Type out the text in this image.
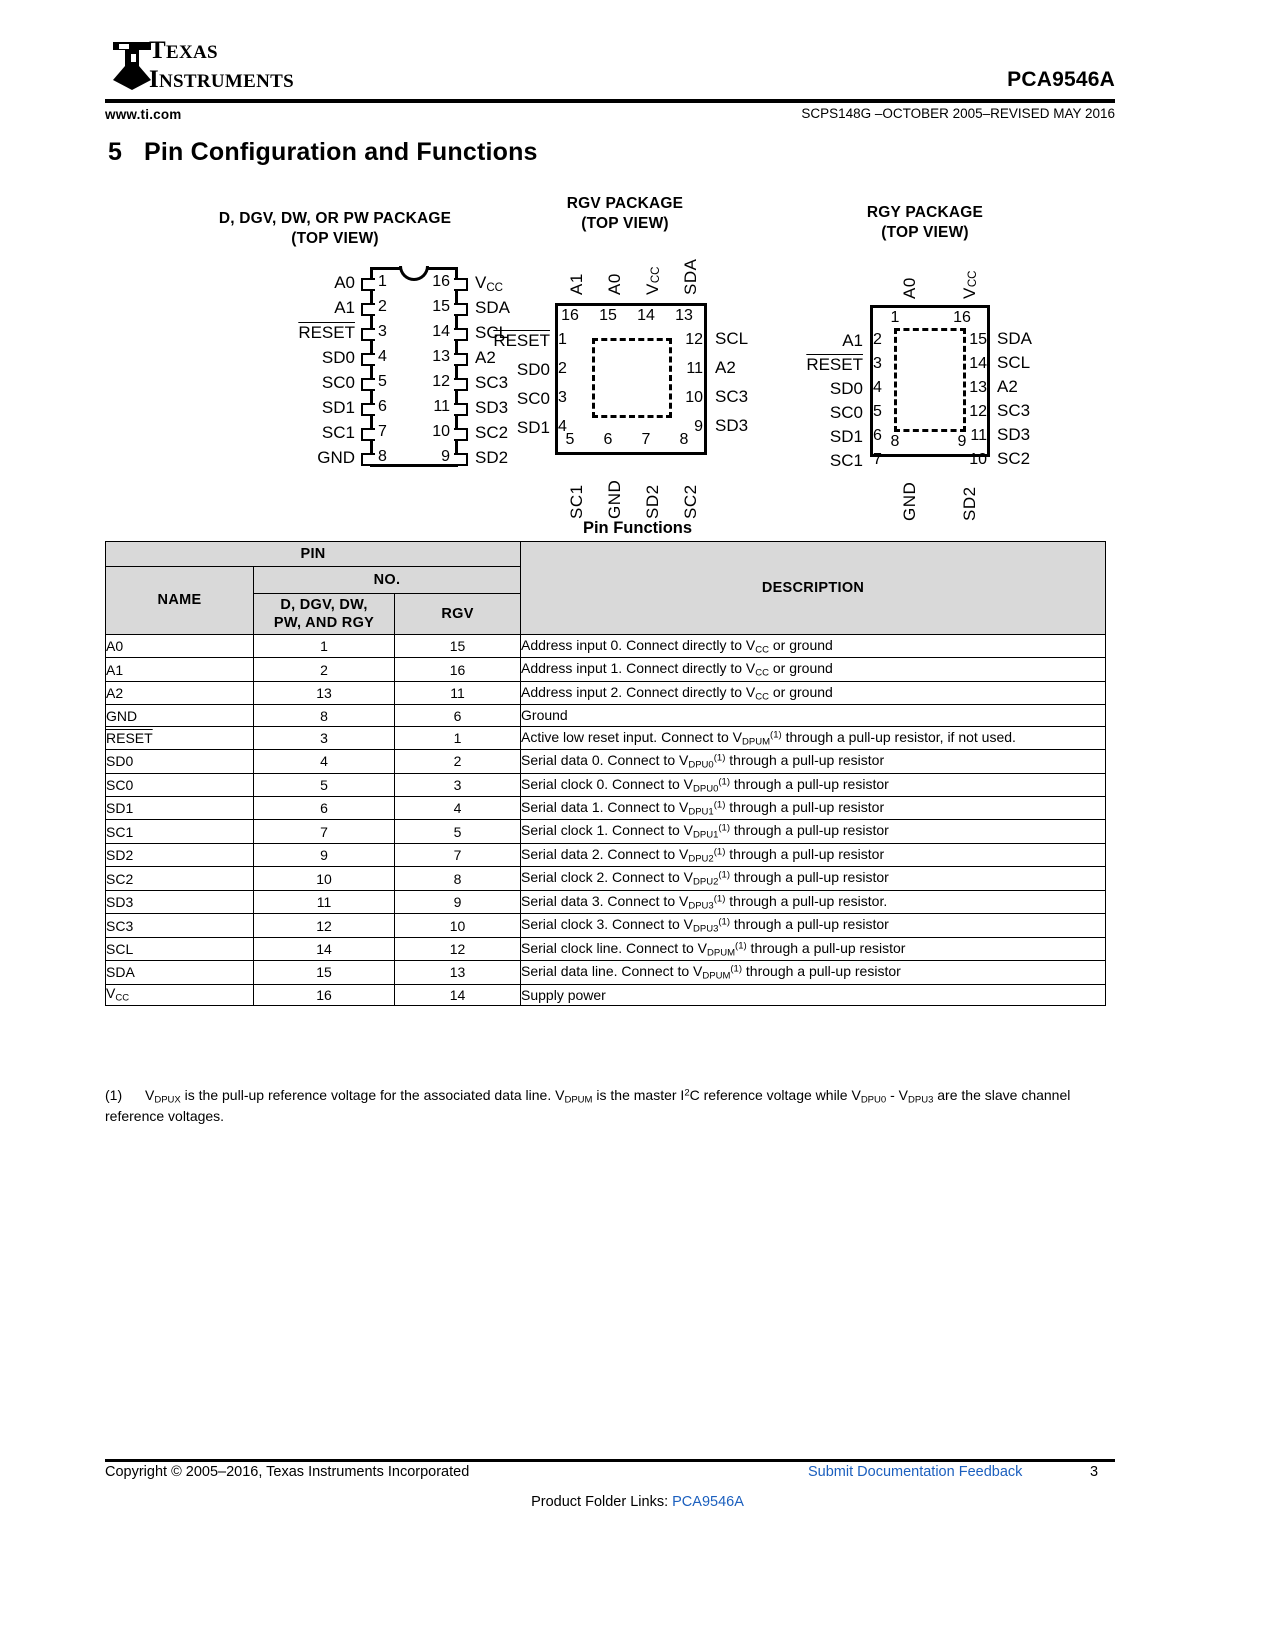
TEXAS
INSTRUMENTS	PCA9546A
www.ti.com	SCPS148G –OCTOBER 2005–REVISED MAY 2016
5 Pin Configuration and Functions
D, DGV, DW, OR PW PACKAGE
(TOP VIEW)
A0
A1
RESET
SD0
SC0
SD1
SC1
GND
1
2
3
4
5
6
7
8
16
15
14
13
12
11
10
9
$V_{CC}$
SDA
SCL
A2
SC3
SD3
SC2
SD2
RGV PACKAGE
(TOP VIEW)
A1 A0 $V_{CC}$ SDA
16	15	14	13
RESET
SD0
SC0
SD1
1
2
3
4
12
11
10
9
SCL
A2
SC3
SD3
5	6	7	8
SC1 GND SD2 SC2
RGY PACKAGE
(TOP VIEW)
A0 $V_{CC}$
1	16
A1
RESET
SD0
SC0
SD1
SC1
2
3
4
5
6
7
15
14
13
12
11
10
SDA
SCL
A2
SC3
SD3
SC2
8	9
GND SD2
Pin Functions
PIN			DESCRIPTION
NAME	NO.		
	D, DGV, DW,
PW, AND RGY	RGV	
A0	1	15	Address input 0. Connect directly to $V_{CC}$ or ground
A1	2	16	Address input 1. Connect directly to $V_{CC}$ or ground
A2	13	11	Address input 2. Connect directly to $V_{CC}$ or ground
GND	8	6	Ground
RESET	3	1	Active low reset input. Connect to $V_{DPUM}^{(1)}$ through a pull-up resistor, if not used.
SD0	4	2	Serial data 0. Connect to $V_{DPU0}^{(1)}$ through a pull-up resistor
SC0	5	3	Serial clock 0. Connect to $V_{DPU0}^{(1)}$ through a pull-up resistor
SD1	6	4	Serial data 1. Connect to $V_{DPU1}^{(1)}$ through a pull-up resistor
SC1	7	5	Serial clock 1. Connect to $V_{DPU1}^{(1)}$ through a pull-up resistor
SD2	9	7	Serial data 2. Connect to $V_{DPU2}^{(1)}$ through a pull-up resistor
SC2	10	8	Serial clock 2. Connect to $V_{DPU2}^{(1)}$ through a pull-up resistor
SD3	11	9	Serial data 3. Connect to $V_{DPU3}^{(1)}$ through a pull-up resistor.
SC3	12	10	Serial clock 3. Connect to $V_{DPU3}^{(1)}$ through a pull-up resistor
SCL	14	12	Serial clock line. Connect to $V_{DPUM}^{(1)}$ through a pull-up resistor
SDA	15	13	Serial data line. Connect to $V_{DPUM}^{(1)}$ through a pull-up resistor
$V_{CC}$	16	14	Supply power
(1)	$V_{DPUX}$ is the pull-up reference voltage for the associated data line. $V_{DPUM}$ is the master $I^2C$ reference voltage while $V_{DPU0} - V_{DPU3}$ are the slave channel reference voltages.
Copyright © 2005–2016, Texas Instruments Incorporated	Submit Documentation Feedback	3
Product Folder Links: PCA9546A
